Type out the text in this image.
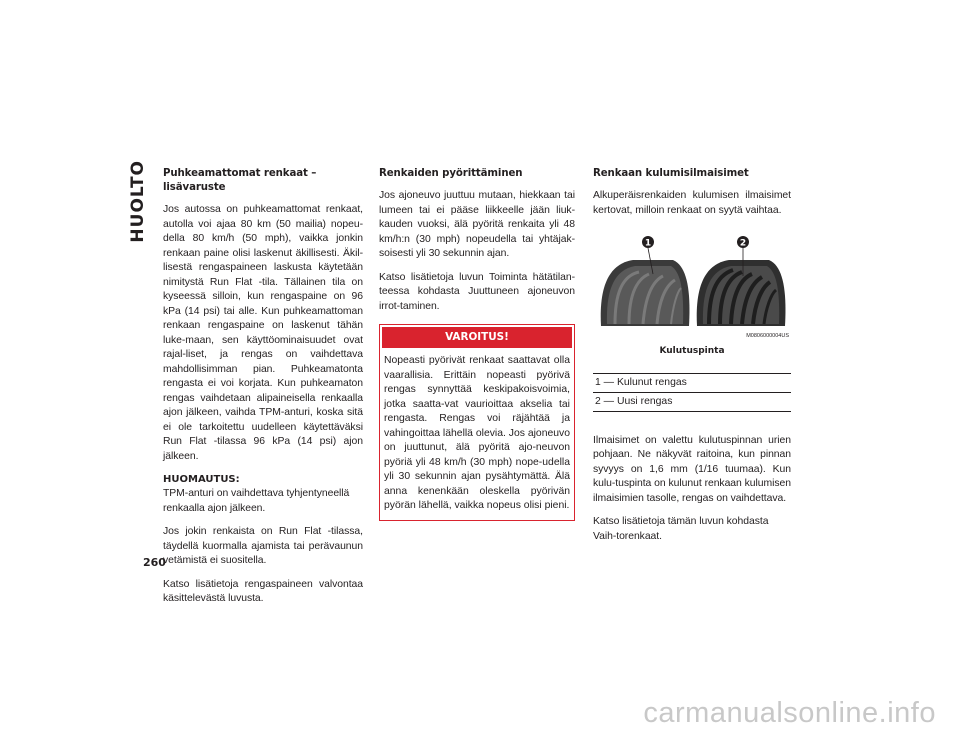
HUOLTO Puhkeamattomat renkaat – lisävaruste

Jos autossa on puhkeamattomat renkaat, autolla voi ajaa 80 km (50 mailia) nopeu-della 80 km/h (50 mph), vaikka jonkin renkaan paine olisi laskenut äkillisesti. Äkil-lisestä rengaspaineen laskusta käytetään nimitystä Run Flat -tila. Tällainen tila on kyseessä silloin, kun rengaspaine on 96 kPa (14 psi) tai alle. Kun puhkeamattoman renkaan rengaspaine on laskenut tähän luke-maan, sen käyttöominaisuudet ovat rajal-liset, ja rengas on vaihdettava mahdollisimman pian. Puhkeamatonta rengasta ei voi korjata. Kun puhkeamaton rengas vaihdetaan alipaineisella renkaalla ajon jälkeen, vaihda TPM-anturi, koska sitä ei ole tarkoitettu uudelleen käytettäväksi Run Flat -tilassa 96 kPa (14 psi) ajon jälkeen.

HUOMAUTUS:

TPM-anturi on vaihdettava tyhjentyneellä renkaalla ajon jälkeen.

Jos jokin renkaista on Run Flat -tilassa, täydellä kuormalla ajamista tai perävaunun vetämistä ei suositella.

Katso lisätietoja rengaspaineen valvontaa käsittelevästä luvusta.

Renkaiden pyörittäminen

Jos ajoneuvo juuttuu mutaan, hiekkaan tai lumeen tai ei pääse liikkeelle jään liuk-kauden vuoksi, älä pyöritä renkaita yli 48 km/h:n (30 mph) nopeudella tai yhtäjak-soisesti yli 30 sekunnin ajan.

Katso lisätietoja luvun Toiminta hätätilan-teessa kohdasta Juuttuneen ajoneuvon irrot-taminen.

VAROITUS!
Nopeasti pyörivät renkaat saattavat olla vaarallisia. Erittäin nopeasti pyörivä rengas synnyttää keskipakoisvoimia, jotka saatta-vat vaurioittaa akselia tai rengasta. Rengas voi räjähtää ja vahingoittaa lähellä olevia. Jos ajoneuvo on juuttunut, älä pyöritä ajo-neuvon pyöriä yli 48 km/h (30 mph) nope-udella yli 30 sekunnin ajan pysähtymättä. Älä anna kenenkään oleskella pyörivän pyörän lähellä, vaikka nopeus olisi pieni.
Renkaan kulumisilmaisimet

Alkuperäisrenkaiden kulumisen ilmaisimet kertovat, milloin renkaat on syytä vaihtaa.

1	2
M0806000004US
Kulutuspinta
1 — Kulunut rengas
2 — Uusi rengas

Ilmaisimet on valettu kulutuspinnan urien pohjaan. Ne näkyvät raitoina, kun pinnan syvyys on 1,6 mm (1/16 tuumaa). Kun kulu-tuspinta on kulunut renkaan kulumisen ilmaisimien tasolle, rengas on vaihdettava.

Katso lisätietoja tämän luvun kohdasta Vaih-torenkaat.

260
carmanualsonline.info
